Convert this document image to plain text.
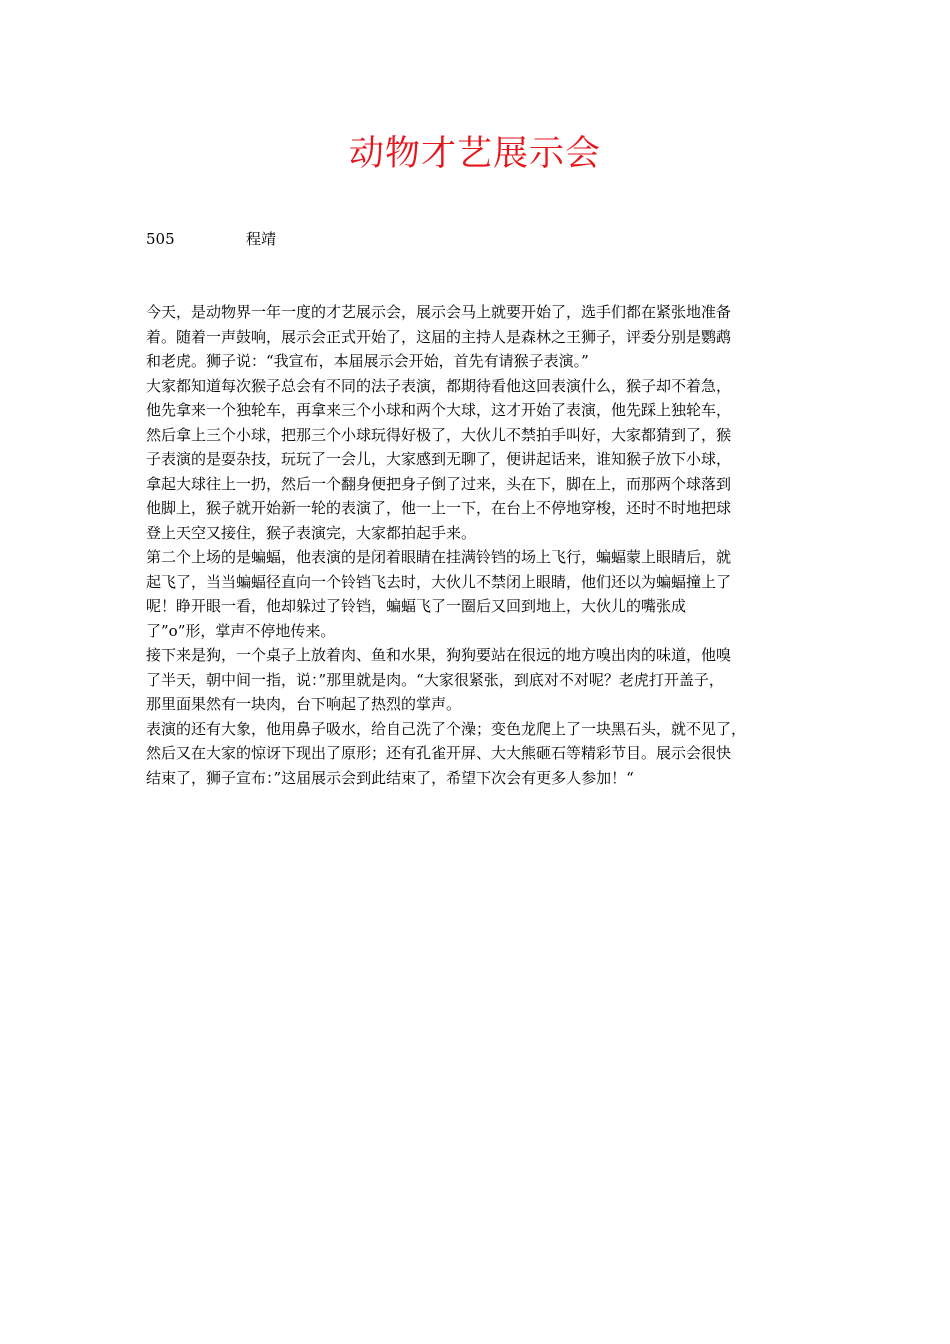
动物才艺展示会
505	程靖
今天，是动物界一年一度的才艺展示会，展示会马上就要开始了，选手们都在紧张地准备
着。随着一声鼓响，展示会正式开始了，这届的主持人是森林之王狮子，评委分别是鹦鹉
和老虎。狮子说：“我宣布，本届展示会开始，首先有请猴子表演。”
大家都知道每次猴子总会有不同的法子表演，都期待看他这回表演什么，猴子却不着急，
他先拿来一个独轮车，再拿来三个小球和两个大球，这才开始了表演，他先踩上独轮车，
然后拿上三个小球，把那三个小球玩得好极了，大伙儿不禁拍手叫好，大家都猜到了，猴
子表演的是耍杂技，玩玩了一会儿，大家感到无聊了，便讲起话来，谁知猴子放下小球，
拿起大球往上一扔，然后一个翻身便把身子倒了过来，头在下，脚在上，而那两个球落到
他脚上，猴子就开始新一轮的表演了，他一上一下，在台上不停地穿梭，还时不时地把球
登上天空又接住，猴子表演完，大家都拍起手来。
第二个上场的是蝙蝠，他表演的是闭着眼睛在挂满铃铛的场上飞行，蝙蝠蒙上眼睛后，就
起飞了，当当蝙蝠径直向一个铃铛飞去时，大伙儿不禁闭上眼睛，他们还以为蝙蝠撞上了
呢！睁开眼一看，他却躲过了铃铛，蝙蝠飞了一圈后又回到地上，大伙儿的嘴张成
了”o”形，掌声不停地传来。
接下来是狗，一个桌子上放着肉、鱼和水果，狗狗要站在很远的地方嗅出肉的味道，他嗅
了半天，朝中间一指，说：”那里就是肉。“大家很紧张，到底对不对呢？老虎打开盖子，
那里面果然有一块肉，台下响起了热烈的掌声。
表演的还有大象，他用鼻子吸水，给自己洗了个澡；变色龙爬上了一块黑石头，就不见了，
然后又在大家的惊讶下现出了原形；还有孔雀开屏、大大熊砸石等精彩节目。展示会很快
结束了，狮子宣布：”这届展示会到此结束了，希望下次会有更多人参加！“
